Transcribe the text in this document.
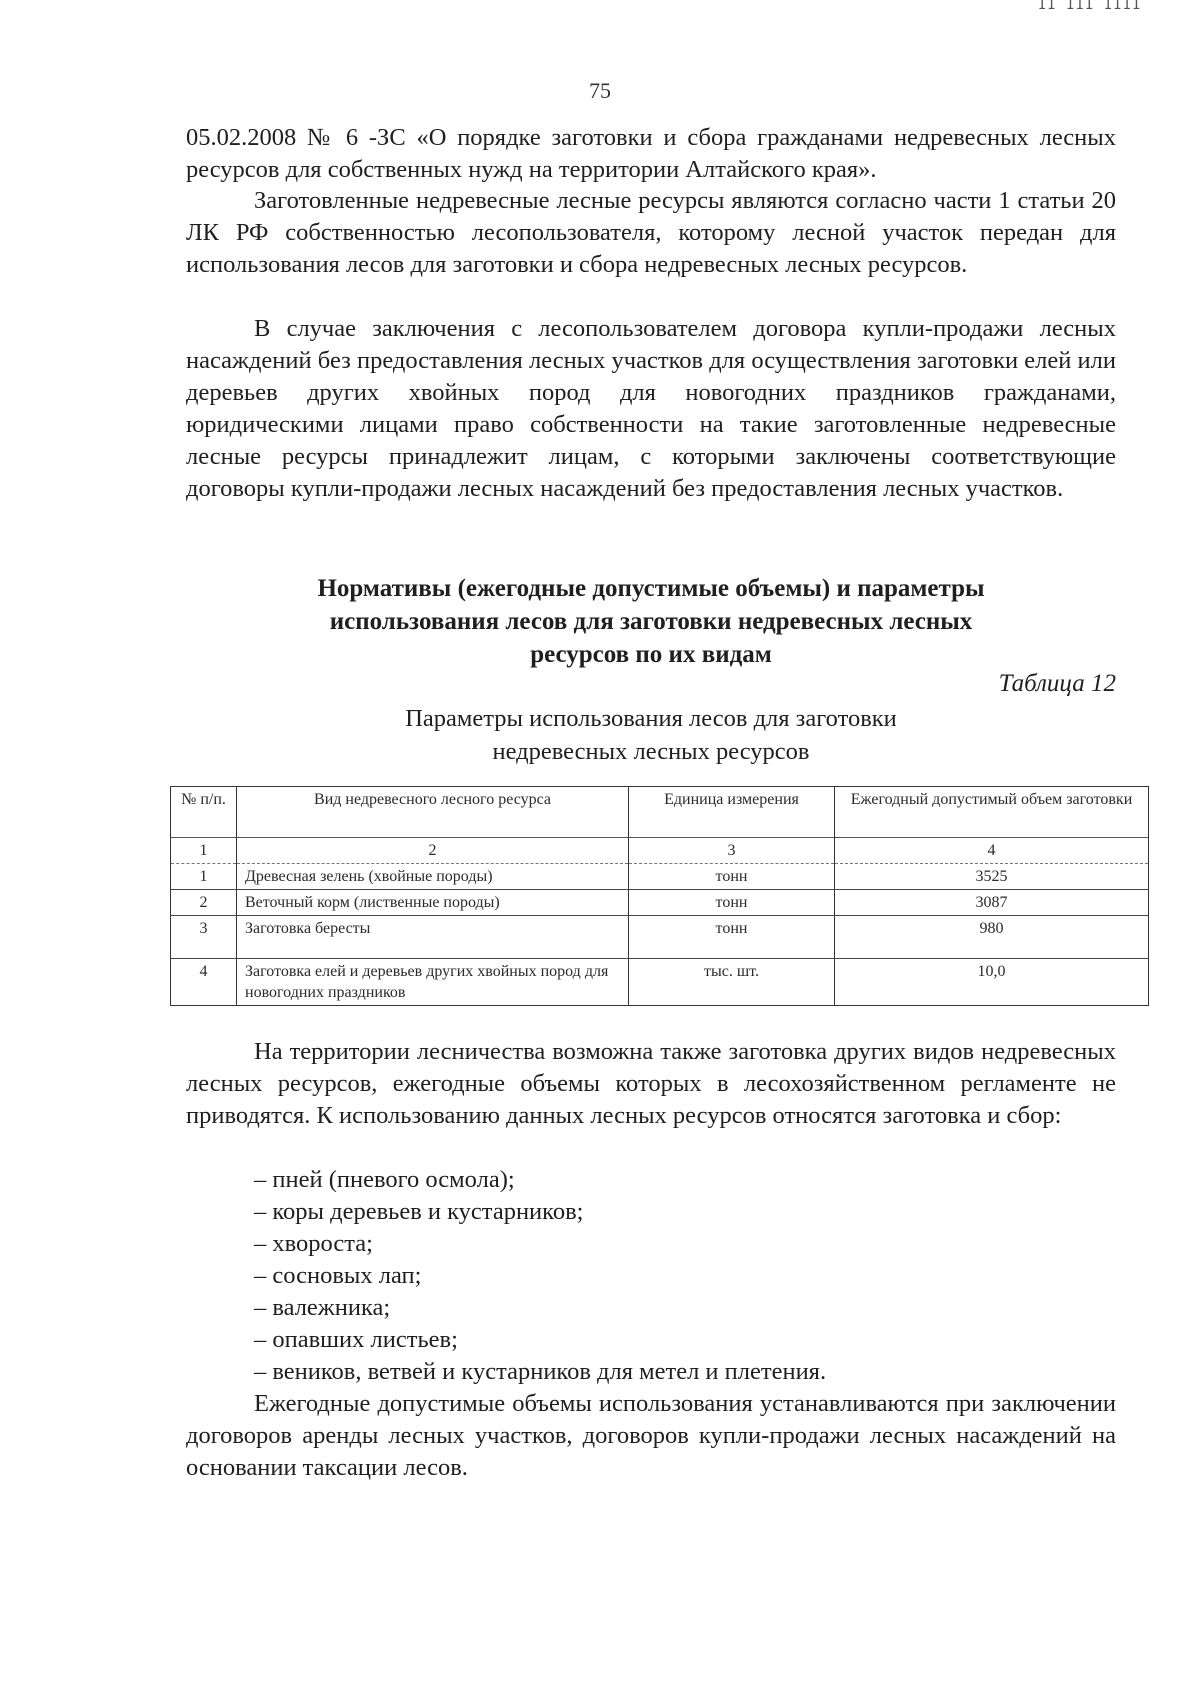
II III IIII
75

05.02.2008 № 6 -ЗС «О порядке заготовки и сбора гражданами недревесных лесных ресурсов для собственных нужд на территории Алтайского края».

Заготовленные недревесные лесные ресурсы являются согласно части 1 статьи 20 ЛК РФ собственностью лесопользователя, которому лесной участок передан для использования лесов для заготовки и сбора недревесных лесных ресурсов.

В случае заключения с лесопользователем договора купли-продажи лесных насаждений без предоставления лесных участков для осуществления заготовки елей или деревьев других хвойных пород для новогодних праздников гражданами, юридическими лицами право собственности на такие заготовленные недревесные лесные ресурсы принадлежит лицам, с которыми заключены соответствующие договоры купли-продажи лесных насаждений без предоставления лесных участков.

Нормативы (ежегодные допустимые объемы) и параметры
использования лесов для заготовки недревесных лесных
ресурсов по их видам
Таблица 12
Параметры использования лесов для заготовки
недревесных лесных ресурсов
№ п/п.	Вид недревесного лесного ресурса	Единица измерения	Ежегодный допустимый объем заготовки
1	2	3	4
1	Древесная зелень (хвойные породы)	тонн	3525
2	Веточный корм (лиственные породы)	тонн	3087
3	Заготовка бересты	тонн	980
4	Заготовка елей и деревьев других хвойных пород для новогодних праздников	тыс. шт.	10,0

На территории лесничества возможна также заготовка других видов недревесных лесных ресурсов, ежегодные объемы которых в лесохозяйственном регламенте не приводятся. К использованию данных лесных ресурсов относятся заготовка и сбор:

– пней (пневого осмола);
– коры деревьев и кустарников;
– хвороста;
– сосновых лап;
– валежника;
– опавших листьев;
– веников, ветвей и кустарников для метел и плетения.

Ежегодные допустимые объемы использования устанавливаются при заключении договоров аренды лесных участков, договоров купли-продажи лесных насаждений на основании таксации лесов.
